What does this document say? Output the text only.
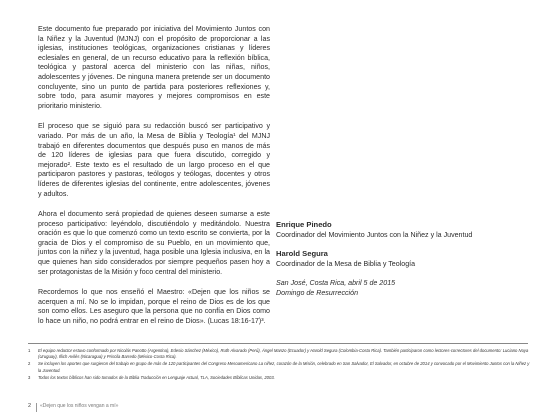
Este documento fue preparado por iniciativa del Movimiento Juntos con la Niñez y la Juventud (MJNJ) con el propósito de proporcionar a las iglesias, instituciones teológicas, organizaciones cristianas y líderes eclesiales en general, de un recurso educativo para la reflexión bíblica, teológica y pastoral acerca del ministerio con las niñas, niños, adolescentes y jóvenes. De ninguna manera pretende ser un documento concluyente, sino un punto de partida para posteriores reflexiones y, sobre todo, para asumir mayores y mejores compromisos en este prioritario ministerio.

El proceso que se siguió para su redacción buscó ser participativo y variado. Por más de un año, la Mesa de Biblia y Teología¹ del MJNJ trabajó en diferentes documentos que después puso en manos de más de 120 líderes de iglesias para que fuera discutido, corregido y mejorado². Este texto es el resultado de un largo proceso en el que participaron pastores y pastoras, teólogos y teólogas, docentes y otros líderes de diferentes iglesias del continente, entre adolescentes, jóvenes y adultos.

Ahora el documento será propiedad de quienes deseen sumarse a este proceso participativo: leyéndolo, discutiéndolo y meditándolo. Nuestra oración es que lo que comenzó como un texto escrito se convierta, por la gracia de Dios y el compromiso de su Pueblo, en un movimiento que, juntos con la niñez y la juventud, haga posible una Iglesia inclusiva, en la que quienes han sido considerados por siempre pequeños pasen hoy a ser protagonistas de la Misión y foco central del ministerio.

Recordemos lo que nos enseñó el Maestro: «Dejen que los niños se acerquen a mí. No se lo impidan, porque el reino de Dios es de los que son como ellos. Les aseguro que la persona que no confía en Dios como lo hace un niño, no podrá entrar en el reino de Dios». (Lucas 18:16-17)³.

Enrique Pinedo

Coordinador del Movimiento Juntos con la Niñez y la Juventud

Harold Segura

Coordinador de la Mesa de Biblia y Teología

San José, Costa Rica, abril 5 de 2015

Domingo de Resurrección

1	El equipo redactor estuvo conformado por Nicolás Panotto (Argentina), Edesio Sánchez (México), Ruth Alvarado (Perú), Ángel Manzo (Ecuador) y Harold Segura (Colombia-Costa Rica). También participaron como lectores-correctores del documento: Luciano Noya (Uruguay), Illich Avilés (Nicaragua) y Priscila Barredo (México-Costa Rica).
2	Se incluyen los aportes que surgieron del trabajo en grupo de más de 120 participantes del Congreso Mesoamericano La niñez, corazón de la Misión, celebrado en San Salvador, El Salvador, en octubre de 2014 y convocado por el Movimiento Juntos con la Niñez y la Juventud.
3	Todos los textos bíblicos han sido tomados de la Biblia Traducción en Lenguaje Actual, TLA, Sociedades Bíblicas Unidas, 2003.
2 «Dejen que los niños vengan a mí»
